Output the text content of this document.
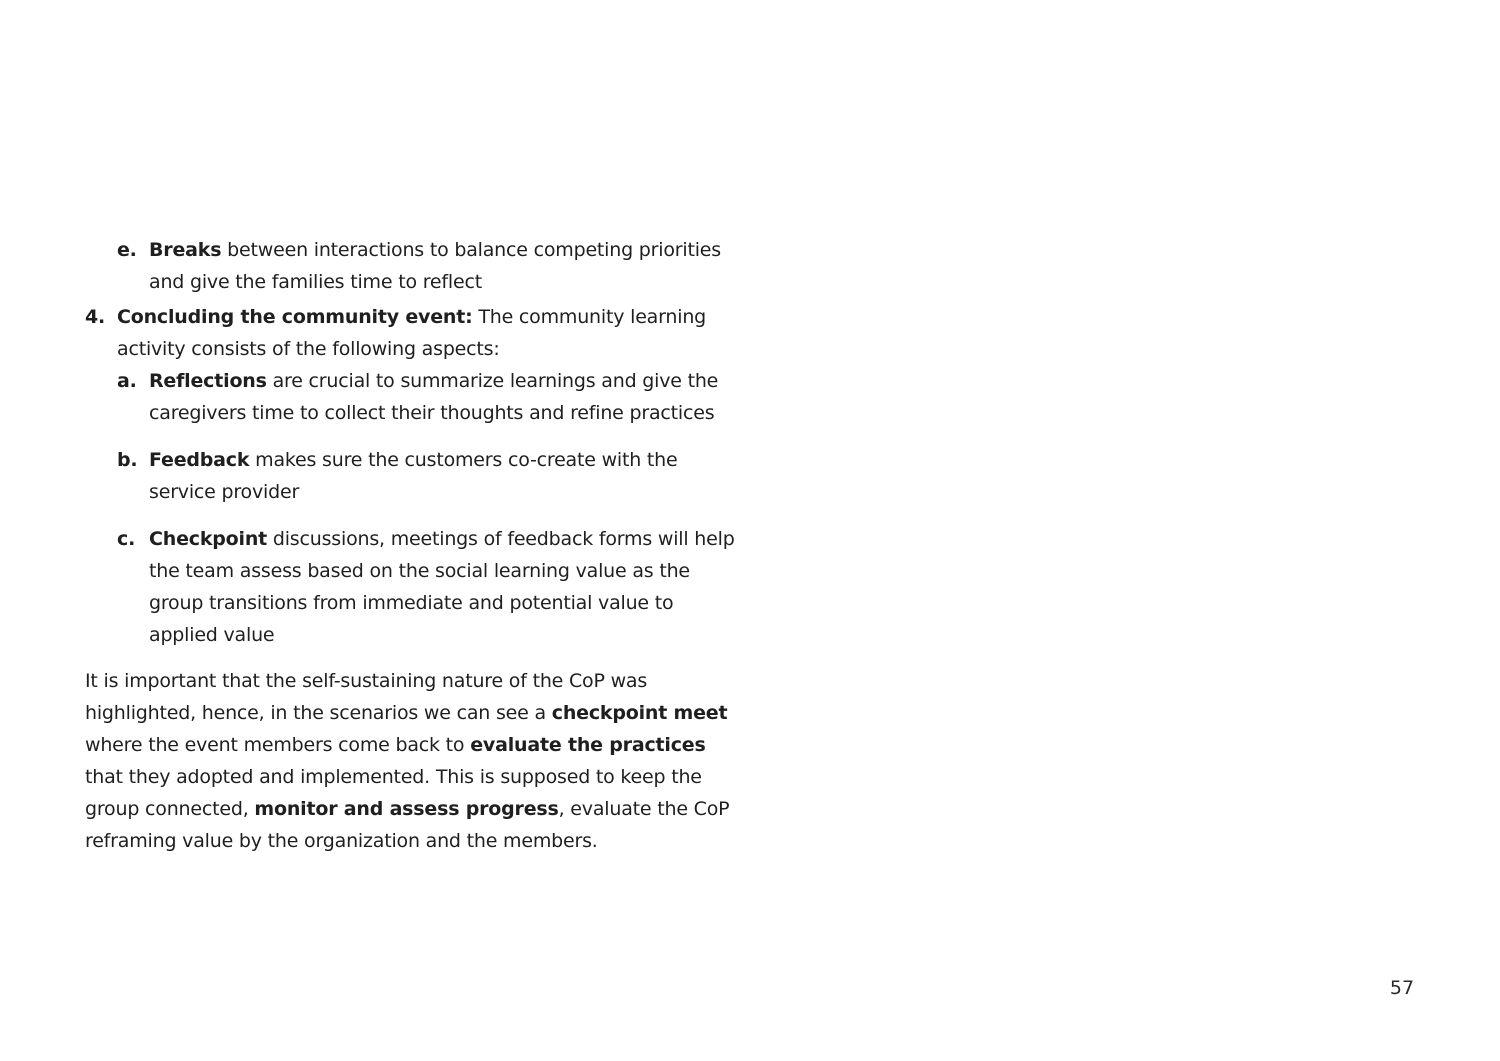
e. Breaks between interactions to balance competing priorities and give the families time to reflect
4. Concluding the community event: The community learning activity consists of the following aspects:
a. Reflections are crucial to summarize learnings and give the caregivers time to collect their thoughts and refine practices
b. Feedback makes sure the customers co-create with the service provider
c. Checkpoint discussions, meetings of feedback forms will help the team assess based on the social learning value as the group transitions from immediate and potential value to applied value

It is important that the self-sustaining nature of the CoP was highlighted, hence, in the scenarios we can see a checkpoint meet where the event members come back to evaluate the practices that they adopted and implemented. This is supposed to keep the group connected, monitor and assess progress, evaluate the CoP reframing value by the organization and the members.

57
